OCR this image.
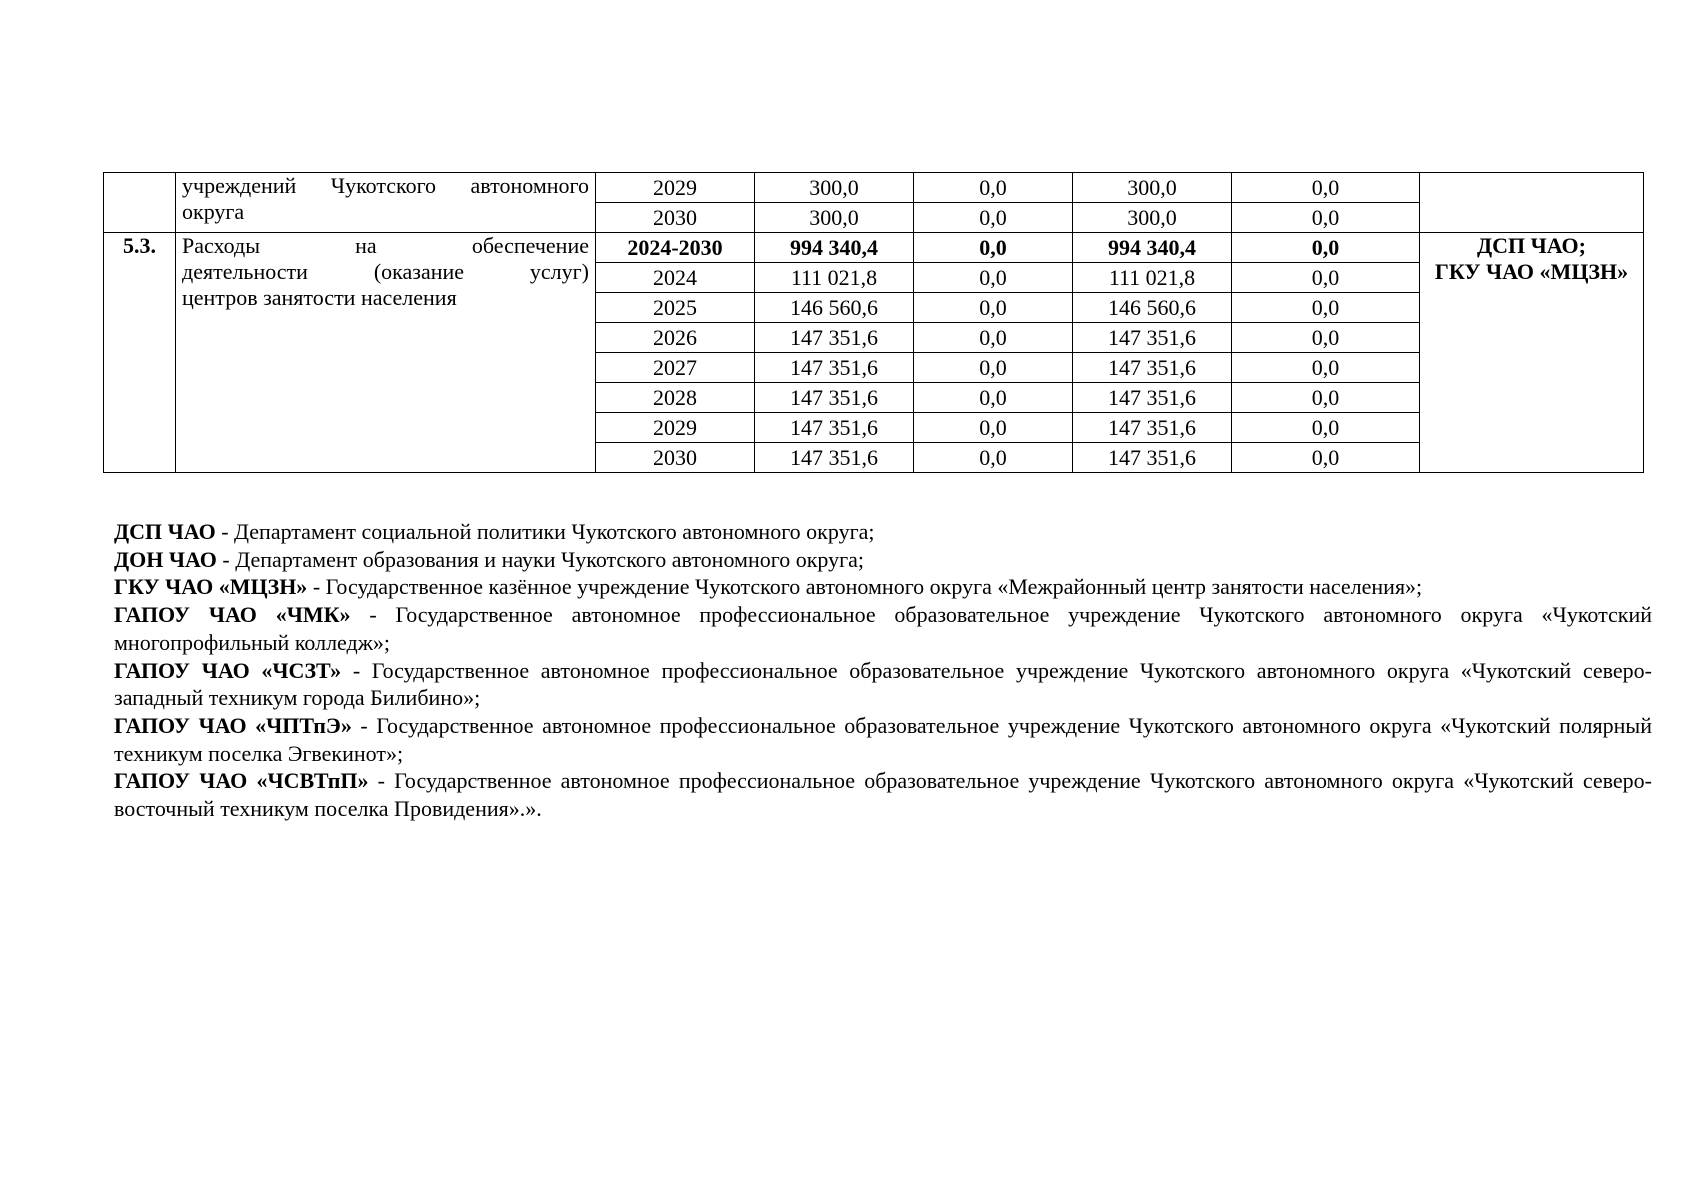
	учреждений Чукотского автономного
округа	2029	300,0	0,0	300,0	0,0	
		2030	300,0	0,0	300,0	0,0	
5.3.	Расходы на обеспечение
деятельности (оказание услуг)
центров занятости населения	2024-2030	994 340,4	0,0	994 340,4	0,0	ДСП ЧАО;
ГКУ ЧАО «МЦЗН»

		2024	111 021,8	0,0	111 021,8	0,0	
		2025	146 560,6	0,0	146 560,6	0,0	
		2026	147 351,6	0,0	147 351,6	0,0	
		2027	147 351,6	0,0	147 351,6	0,0	
		2028	147 351,6	0,0	147 351,6	0,0	
		2029	147 351,6	0,0	147 351,6	0,0	
		2030	147 351,6	0,0	147 351,6	0,0	

ДСП ЧАО - Департамент социальной политики Чукотского автономного округа;

ДОН ЧАО - Департамент образования и науки Чукотского автономного округа;

ГКУ ЧАО «МЦЗН» - Государственное казённое учреждение Чукотского автономного округа «Межрайонный центр занятости населения»;

ГАПОУ ЧАО «ЧМК» - Государственное автономное профессиональное образовательное учреждение Чукотского автономного округа «Чукотский многопрофильный колледж»;

ГАПОУ ЧАО «ЧСЗТ» - Государственное автономное профессиональное образовательное учреждение Чукотского автономного округа «Чукотский северо-западный техникум города Билибино»;

ГАПОУ ЧАО «ЧПТпЭ» - Государственное автономное профессиональное образовательное учреждение Чукотского автономного округа «Чукотский полярный техникум поселка Эгвекинот»;

ГАПОУ ЧАО «ЧСВТпП» - Государственное автономное профессиональное образовательное учреждение Чукотского автономного округа «Чукотский северо-восточный техникум поселка Провидения».».
